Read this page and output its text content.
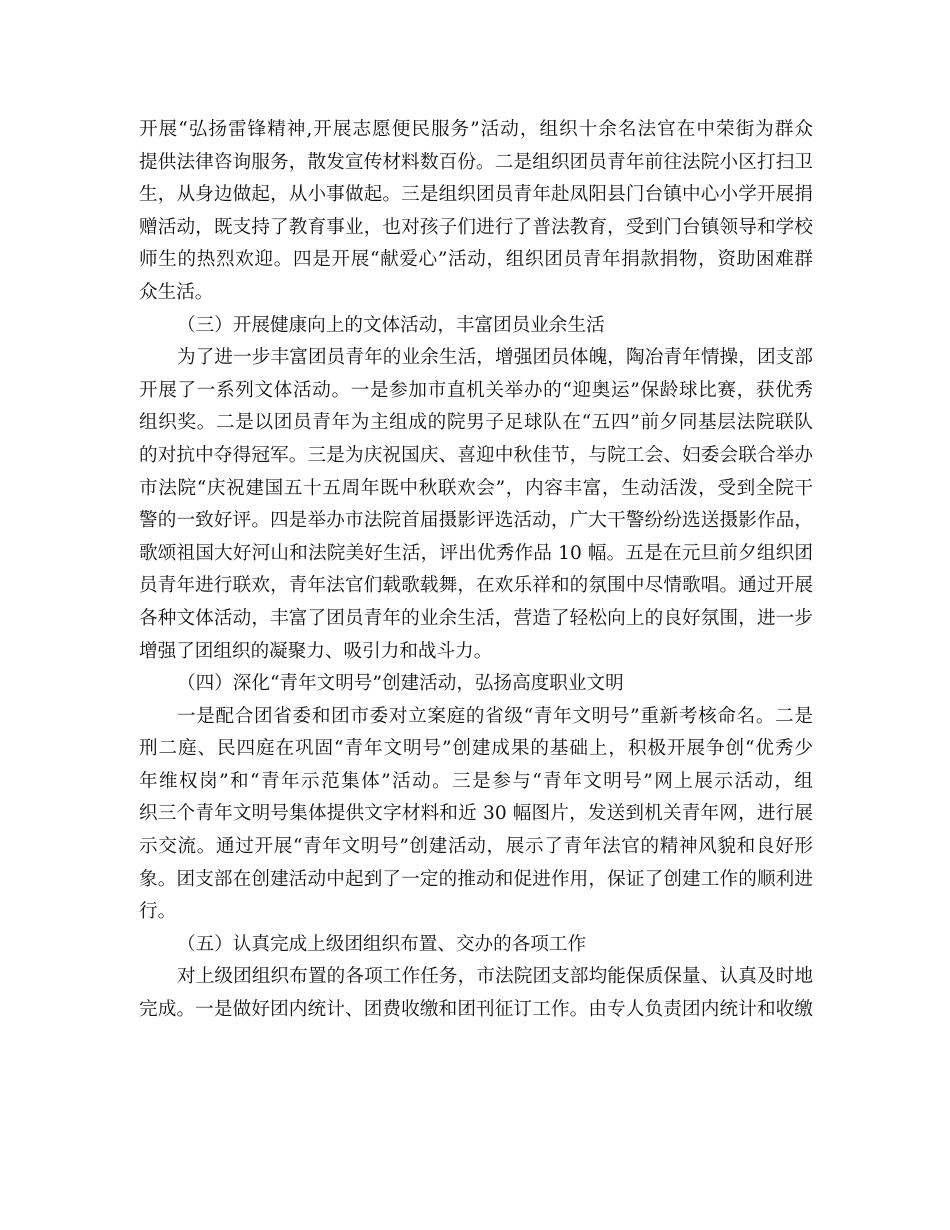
开展“弘扬雷锋精神,开展志愿便民服务”活动，组织十余名法官在中荣街为群众
提供法律咨询服务，散发宣传材料数百份。二是组织团员青年前往法院小区打扫卫
生，从身边做起，从小事做起。三是组织团员青年赴凤阳县门台镇中心小学开展捐
赠活动，既支持了教育事业，也对孩子们进行了普法教育，受到门台镇领导和学校
师生的热烈欢迎。四是开展“献爱心”活动，组织团员青年捐款捐物，资助困难群
众生活。
（三）开展健康向上的文体活动，丰富团员业余生活
为了进一步丰富团员青年的业余生活，增强团员体魄，陶冶青年情操，团支部
开展了一系列文体活动。一是参加市直机关举办的“迎奥运”保龄球比赛，获优秀
组织奖。二是以团员青年为主组成的院男子足球队在“五四”前夕同基层法院联队
的对抗中夺得冠军。三是为庆祝国庆、喜迎中秋佳节，与院工会、妇委会联合举办
市法院“庆祝建国五十五周年既中秋联欢会”，内容丰富，生动活泼，受到全院干
警的一致好评。四是举办市法院首届摄影评选活动，广大干警纷纷选送摄影作品，
歌颂祖国大好河山和法院美好生活，评出优秀作品 10 幅。五是在元旦前夕组织团
员青年进行联欢，青年法官们载歌载舞，在欢乐祥和的氛围中尽情歌唱。通过开展
各种文体活动，丰富了团员青年的业余生活，营造了轻松向上的良好氛围，进一步
增强了团组织的凝聚力、吸引力和战斗力。
（四）深化“青年文明号”创建活动，弘扬高度职业文明
一是配合团省委和团市委对立案庭的省级“青年文明号”重新考核命名。二是
刑二庭、民四庭在巩固“青年文明号”创建成果的基础上，积极开展争创“优秀少
年维权岗”和“青年示范集体”活动。三是参与“青年文明号”网上展示活动，组
织三个青年文明号集体提供文字材料和近 30 幅图片，发送到机关青年网，进行展
示交流。通过开展“青年文明号”创建活动，展示了青年法官的精神风貌和良好形
象。团支部在创建活动中起到了一定的推动和促进作用，保证了创建工作的顺利进
行。
（五）认真完成上级团组织布置、交办的各项工作
对上级团组织布置的各项工作任务，市法院团支部均能保质保量、认真及时地
完成。一是做好团内统计、团费收缴和团刊征订工作。由专人负责团内统计和收缴
